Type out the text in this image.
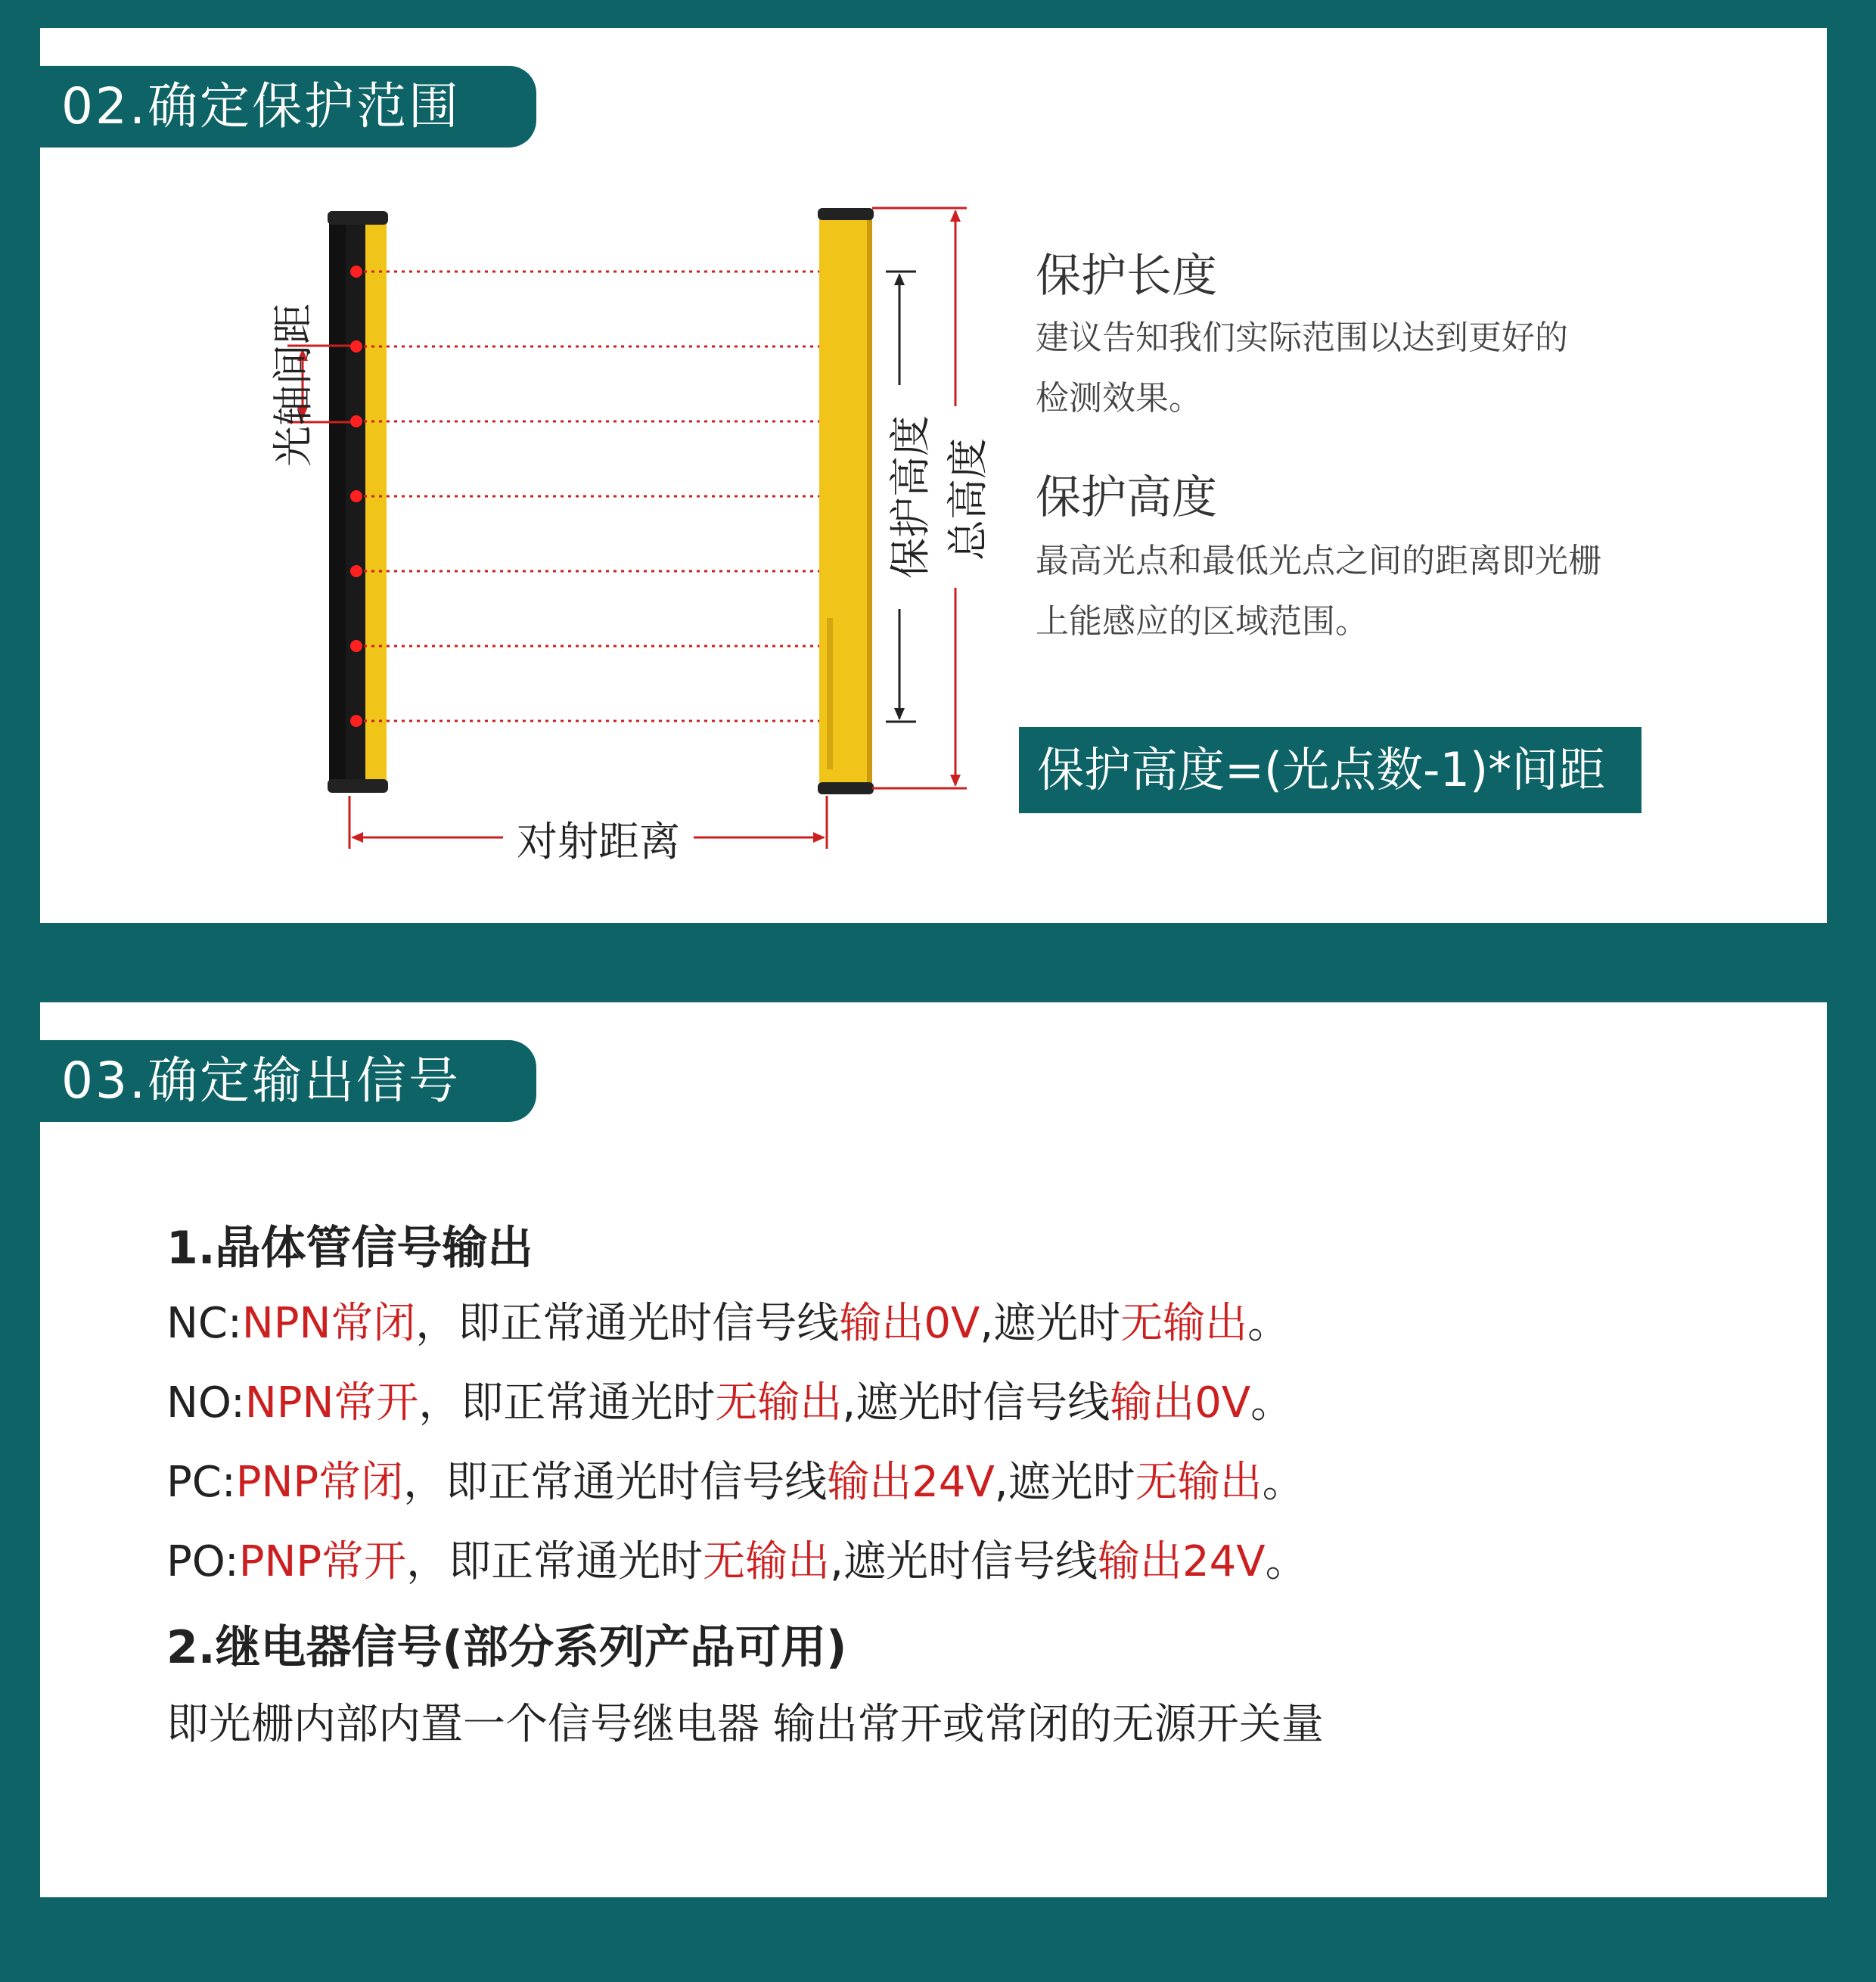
02.确定保护范围
光轴间距
保护高度 总高度
对射距离
保护长度
建议告知我们实际范围以达到更好的
检测效果。
保护高度
最高光点和最低光点之间的距离即光栅
上能感应的区域范围。
保护高度=(光点数-1)*间距
03.确定输出信号
1.晶体管信号输出
NC:NPN常闭，即正常通光时信号线输出0V,遮光时无输出。
NO:NPN常开，即正常通光时无输出,遮光时信号线输出0V。
PC:PNP常闭，即正常通光时信号线输出24V,遮光时无输出。
PO:PNP常开，即正常通光时无输出,遮光时信号线输出24V。
2.继电器信号(部分系列产品可用)
即光栅内部内置一个信号继电器 输出常开或常闭的无源开关量
